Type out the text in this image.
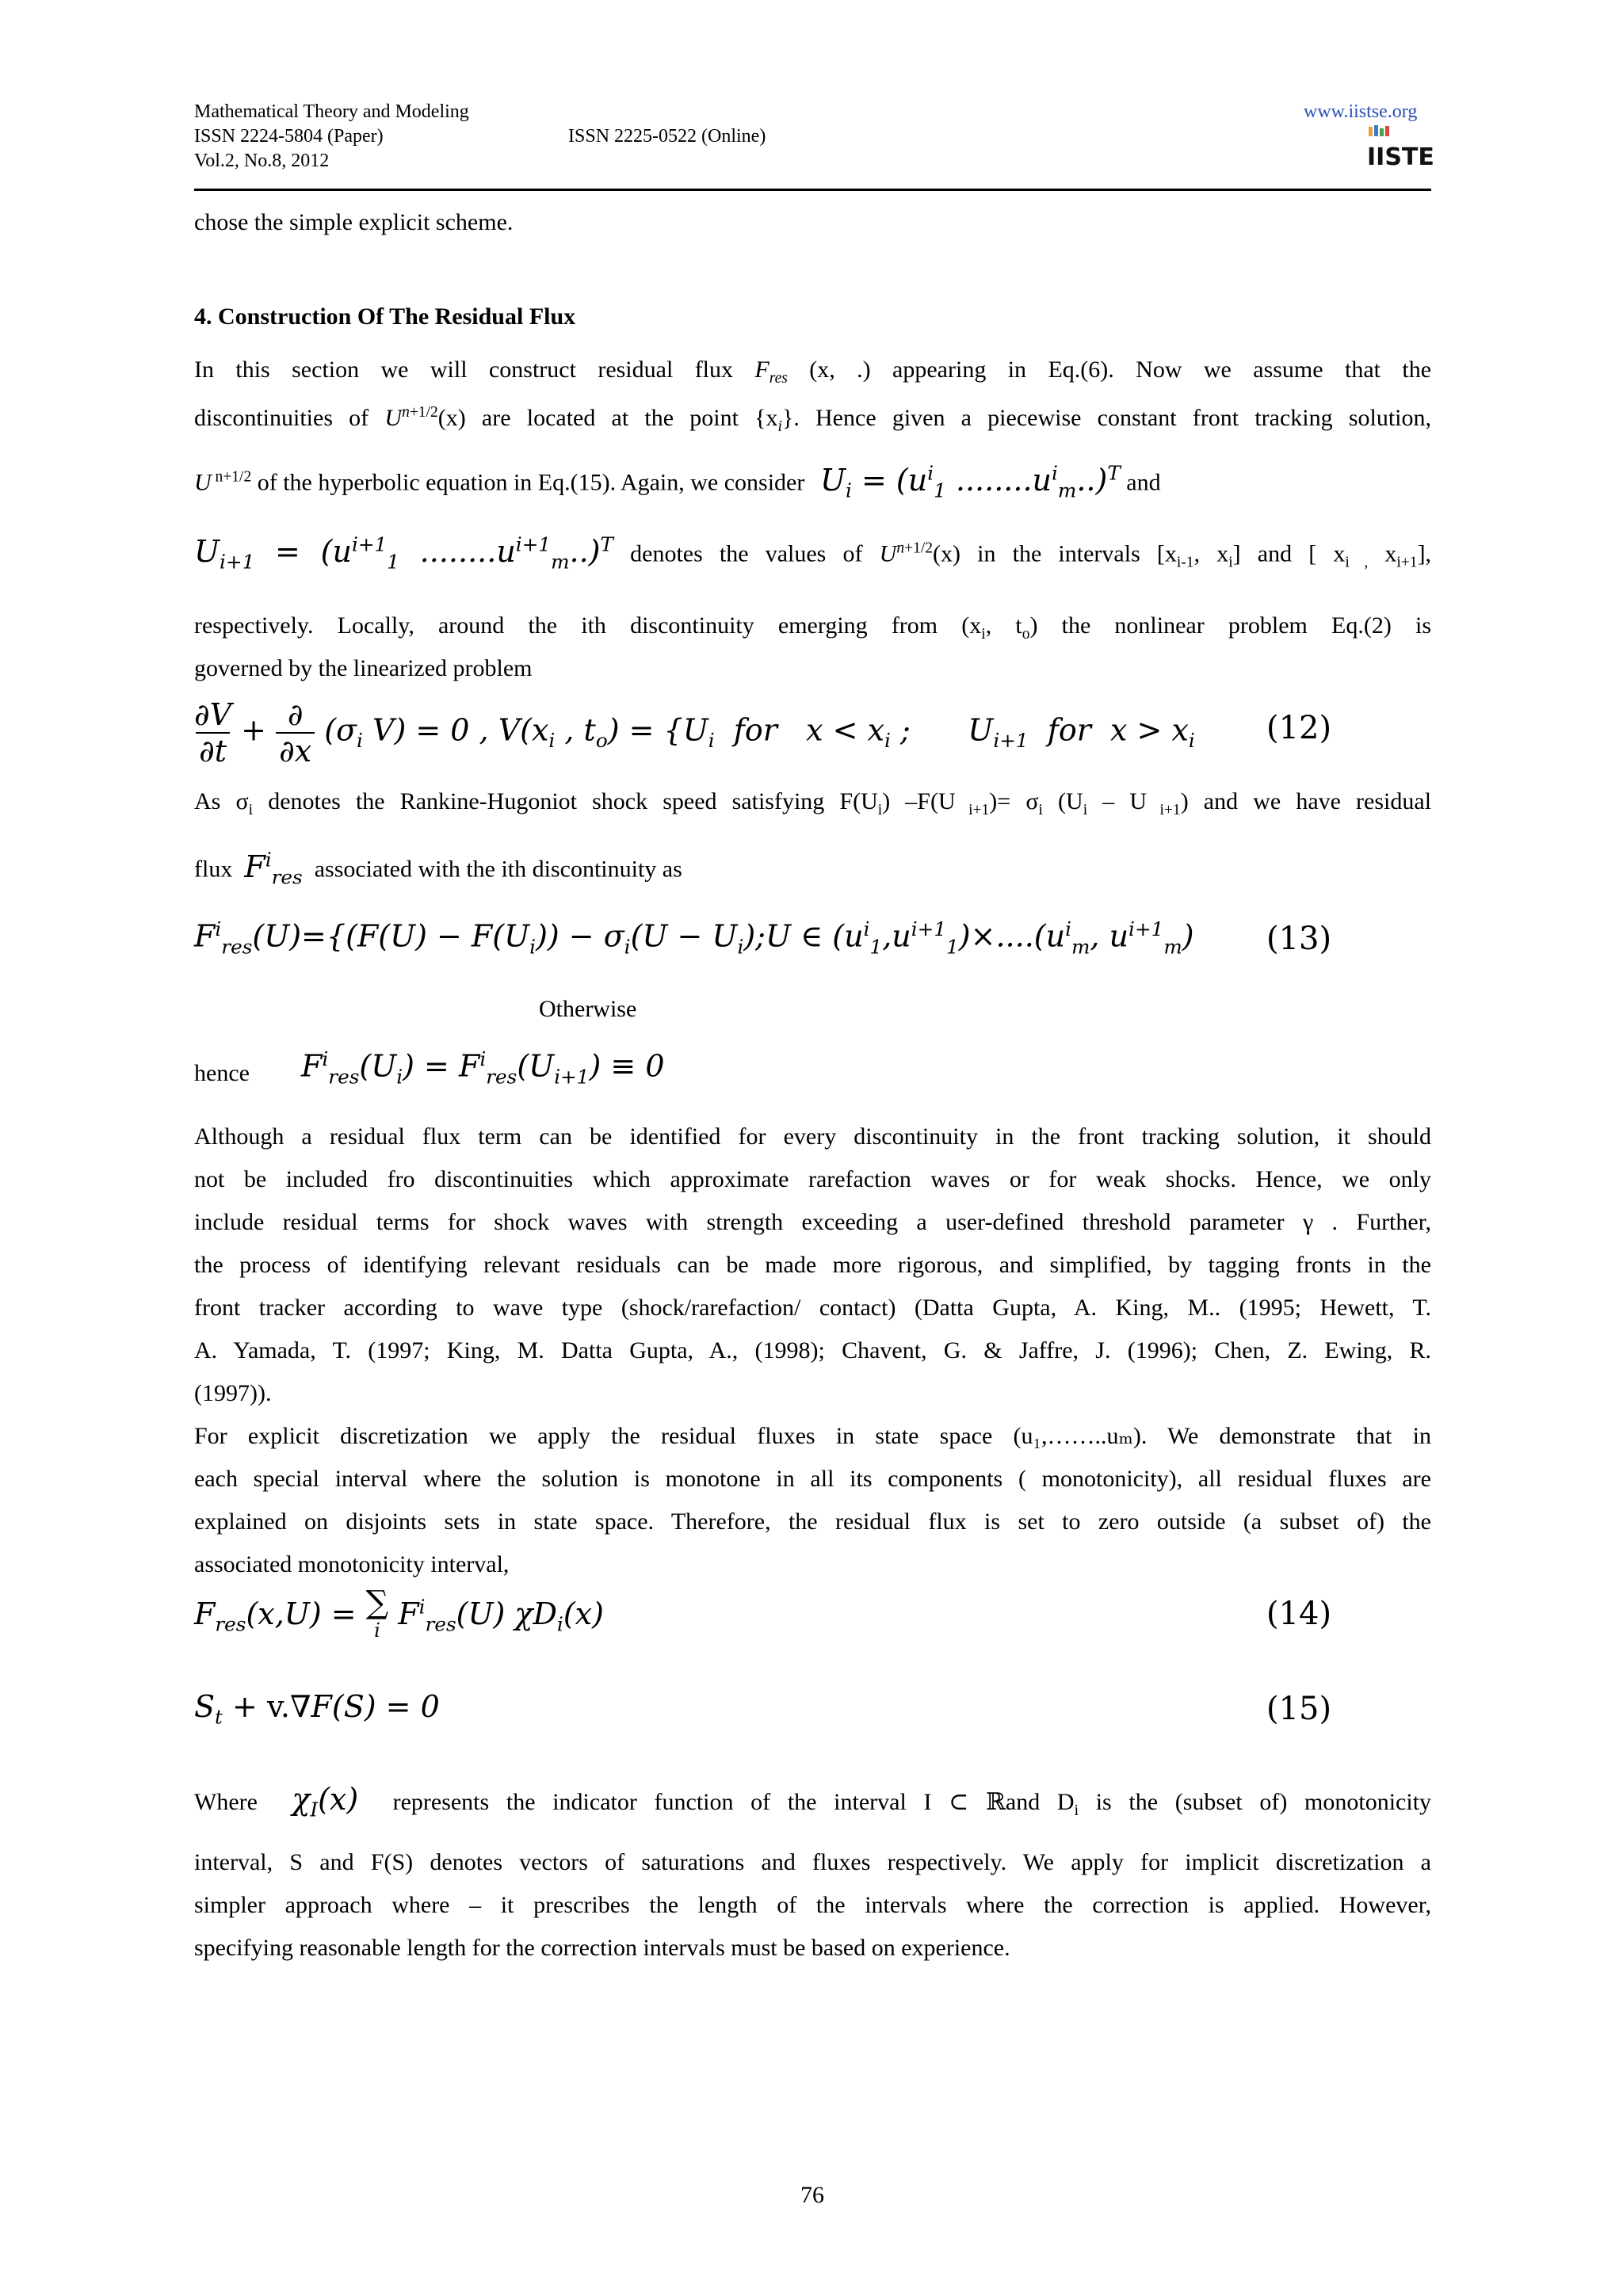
Mathematical Theory and Modeling
ISSN 2224-5804 (Paper)	ISSN 2225-0522 (Online)
Vol.2, No.8, 2012
www.iistse.org
IISTE
chose the simple explicit scheme.
4. Construction Of The Residual Flux
In this section we will construct residual flux $F_{res}$ (x, .) appearing in Eq.(6). Now we assume that the
discontinuities of $U^{n+1/2}(x)$ are located at the point $\{x_i\}$. Hence given a piecewise constant front tracking solution,
U $^{n+1/2}$ of the hyperbolic equation in Eq.(15). Again, we consider  $U_i = (u^i_1$ $........u^i_m..)^T$ and
$U_{i+1} = (u^{i+1}_1$ $........u^{i+1}_m..)^T$ denotes the values of $U^{n+1/2}(x)$ in the intervals [$x_{i-1}$, $x_i$] and [ $x_{i ,}$ $x_{i+1}$],
respectively. Locally, around the ith discontinuity emerging from ($x_i$, $t_o$) the nonlinear problem Eq.(2) is
governed by the linearized problem
∂V
∂t + ∂
∂x ($\sigma_i$ V) = 0 , $V(x_i$ , $t_o) = \{U_i$  for   $x < x_i$ ;      $U_{i+1}$  for  $x > x_i$ (12)
As $\sigma_i$ denotes the Rankine-Hugoniot shock speed satisfying $F(U_i)$ –F(U $_{i+1})= \sigma_i$ ($U_i$ – U $_{i+1}$) and we have residual
flux $F^i_{res}$ associated with the ith discontinuity as
$F^i_{res}(U)=\{(F(U) - F(U_i)) - \sigma_i(U$ − $U_i);U$ ∈ $(u^i_1,u^{i+1}_1)\times....(u^i_m$, $u^{i+1}_m$) (13)
Otherwise
hence	$F^i_{res}(U_i) = F^i_{res}(U_{i+1}) \equiv 0$
Although a residual flux term can be identified for every discontinuity in the front tracking solution, it should
not be included fro discontinuities which approximate rarefaction waves or for weak shocks. Hence, we only
include residual terms for shock waves with strength exceeding a user-defined threshold parameter γ . Further,
the process of identifying relevant residuals can be made more rigorous, and simplified, by tagging fronts in the
front tracker according to wave type (shock/rarefaction/ contact) (Datta Gupta, A. King, M.. (1995; Hewett, T.
A. Yamada, T. (1997; King, M. Datta Gupta, A., (1998); Chavent, G. & Jaffre, J. (1996); Chen, Z. Ewing, R.
(1997)).
For explicit discretization we apply the residual fluxes in state space (u₁,……..uₘ). We demonstrate that in
each special interval where the solution is monotone in all its components ( monotonicity), all residual fluxes are
explained on disjoints sets in state space. Therefore, the residual flux is set to zero outside (a subset of) the
associated monotonicity interval,
$F_{res}(x,U)$ = ∑
i $F^i_{res}(U)$ $\chi D_i(x)$	(14)
$S_t + v.\nabla F(S) = 0$	(15)
Where $\chi_I(x)$ represents the indicator function of the interval I ⊂ ℝand $D_i$ is the (subset of) monotonicity
interval, S and F(S) denotes vectors of saturations and fluxes respectively. We apply for implicit discretization a
simpler approach where – it prescribes the length of the intervals where the correction is applied. However,
specifying reasonable length for the correction intervals must be based on experience.
76
